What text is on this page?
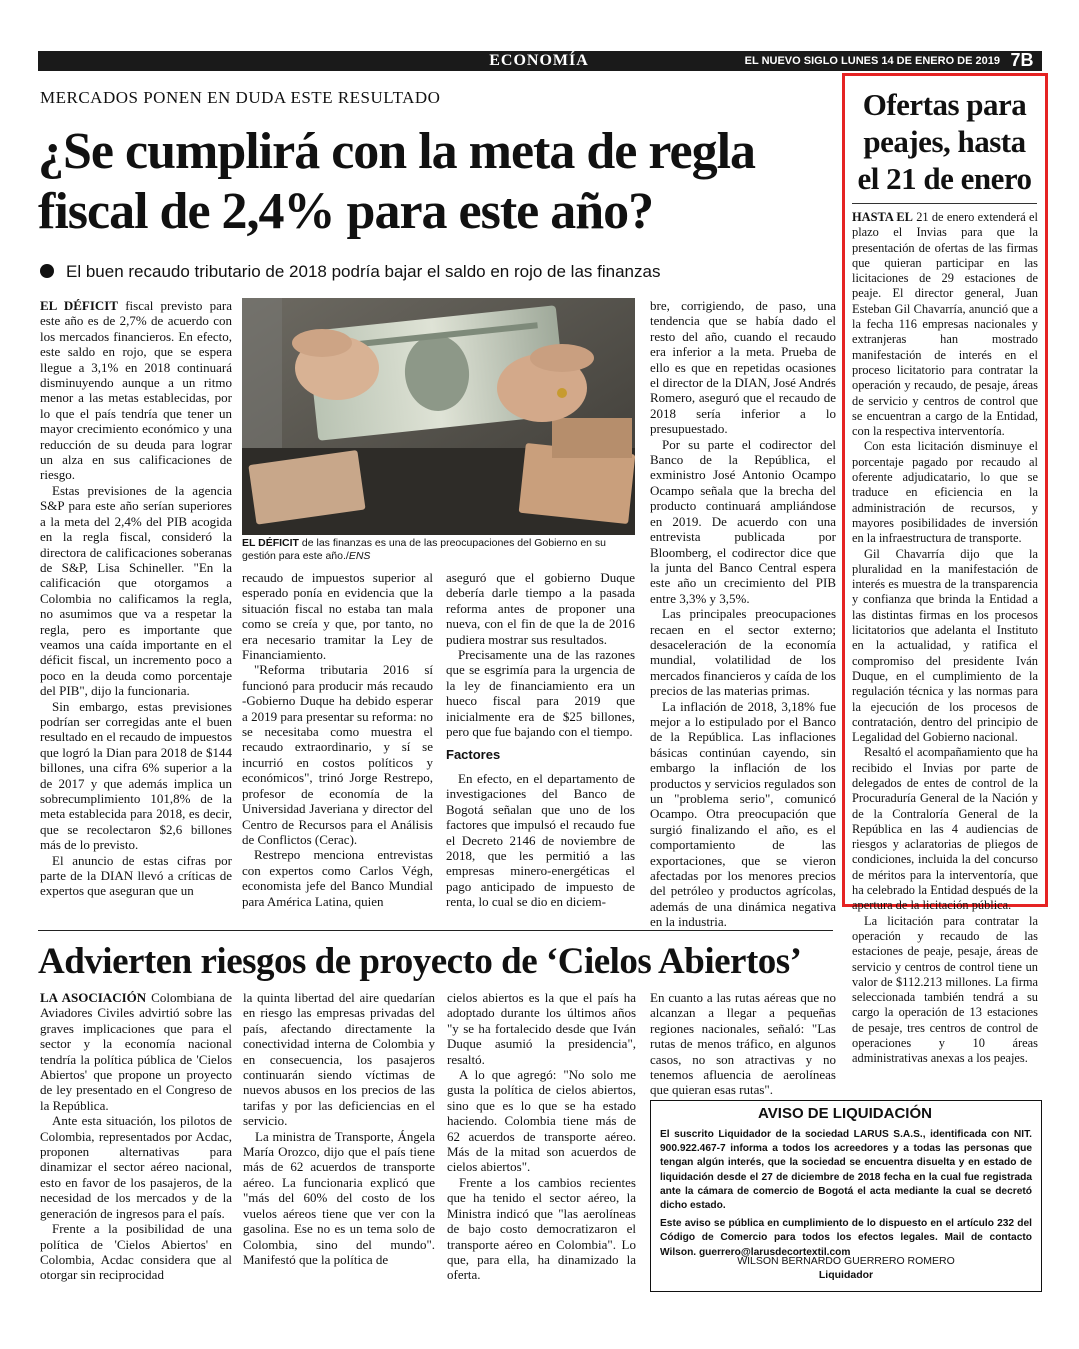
ECONOMÍA	EL NUEVO SIGLO LUNES 14 DE ENERO DE 2019 7B
MERCADOS PONEN EN DUDA ESTE RESULTADO
¿Se cumplirá con la meta de regla fiscal de 2,4% para este año?
El buen recaudo tributario de 2018 podría bajar el saldo en rojo de las finanzas

EL DÉFICIT fiscal previsto para este año es de 2,7% de acuerdo con los mercados financieros. En efecto, este saldo en rojo, que se espera llegue a 3,1% en 2018 continuará disminuyendo aunque a un ritmo menor a las metas establecidas, por lo que el país tendría que tener un mayor crecimiento económico y una reducción de su deuda para lograr un alza en sus calificaciones de riesgo.

Estas previsiones de la agencia S&P para este año serían superiores a la meta del 2,4% del PIB acogida en la regla fiscal, consideró la directora de calificaciones soberanas de S&P, Lisa Schineller. "En la calificación que otorgamos a Colombia no calificamos la regla, no asumimos que va a respetar la regla, pero es importante que veamos una caída importante en el déficit fiscal, un incremento poco a poco en la deuda como porcentaje del PIB", dijo la funcionaria.

Sin embargo, estas previsiones podrían ser corregidas ante el buen resultado en el recaudo de impuestos que logró la Dian para 2018 de $144 billones, una cifra 6% superior a la de 2017 y que además implica un sobrecumplimiento 101,8% de la meta establecida para 2018, es decir, que se recolectaron $2,6 billones más de lo previsto.

El anuncio de estas cifras por parte de la DIAN llevó a críticas de expertos que aseguran que un

EL DÉFICIT de las finanzas es una de las preocupaciones del Gobierno en su gestión para este año./ENS

recaudo de impuestos superior al esperado ponía en evidencia que la situación fiscal no estaba tan mala como se creía y que, por tanto, no era necesario tramitar la Ley de Financiamiento.

"Reforma tributaria 2016 sí funcionó para producir más recaudo -Gobierno Duque ha debido esperar a 2019 para presentar su reforma: no se necesitaba como muestra el recaudo extraordinario, y sí se incurrió en costos políticos y económicos", trinó Jorge Restrepo, profesor de economía de la Universidad Javeriana y director del Centro de Recursos para el Análisis de Conflictos (Cerac).

Restrepo menciona entrevistas con expertos como Carlos Végh, economista jefe del Banco Mundial para América Latina, quien

aseguró que el gobierno Duque debería darle tiempo a la pasada reforma antes de proponer una nueva, con el fin de que la de 2016 pudiera mostrar sus resultados.

Precisamente una de las razones que se esgrimía para la urgencia de la ley de financiamiento era un hueco fiscal para 2019 que inicialmente era de $25 billones, pero que fue bajando con el tiempo.

Factores

En efecto, en el departamento de investigaciones del Banco de Bogotá señalan que uno de los factores que impulsó el recaudo fue el Decreto 2146 de noviembre de 2018, que les permitió a las empresas minero-energéticas el pago anticipado de impuesto de renta, lo cual se dio en diciem-

bre, corrigiendo, de paso, una tendencia que se había dado el resto del año, cuando el recaudo era inferior a la meta. Prueba de ello es que en repetidas ocasiones el director de la DIAN, José Andrés Romero, aseguró que el recaudo de 2018 sería inferior a lo presupuestado.

Por su parte el codirector del Banco de la República, el exministro José Antonio Ocampo Ocampo señala que la brecha del producto continuará ampliándose en 2019. De acuerdo con una entrevista publicada por Bloomberg, el codirector dice que la junta del Banco Central espera este año un crecimiento del PIB entre 3,3% y 3,5%.

Las principales preocupaciones recaen en el sector externo; desaceleración de la economía mundial, volatilidad de los mercados financieros y caída de los precios de las materias primas.

La inflación de 2018, 3,18% fue mejor a lo estipulado por el Banco de la República. Las inflaciones básicas continúan cayendo, sin embargo la inflación de los productos y servicios regulados son un "problema serio", comunicó Ocampo. Otra preocupación que surgió finalizando el año, es el comportamiento de las exportaciones, que se vieron afectadas por los menores precios del petróleo y productos agrícolas, además de una dinámica negativa en la industria.

Ofertas para peajes, hasta el 21 de enero

HASTA EL 21 de enero extenderá el plazo el Invias para que la presentación de ofertas de las firmas que quieran participar en las licitaciones de 29 estaciones de peaje. El director general, Juan Esteban Gil Chavarría, anunció que a la fecha 116 empresas nacionales y extranjeras han mostrado manifestación de interés en el proceso licitatorio para contratar la operación y recaudo, de pesaje, áreas de servicio y centros de control que se encuentran a cargo de la Entidad, con la respectiva interventoría.

Con esta licitación disminuye el porcentaje pagado por recaudo al oferente adjudicatario, lo que se traduce en eficiencia en la administración de recursos, y mayores posibilidades de inversión en la infraestructura de transporte.

Gil Chavarría dijo que la pluralidad en la manifestación de interés es muestra de la transparencia y confianza que brinda la Entidad a las distintas firmas en los procesos licitatorios que adelanta el Instituto en la actualidad, y ratifica el compromiso del presidente Iván Duque, en el cumplimiento de la regulación técnica y las normas para la ejecución de los procesos de contratación, dentro del principio de Legalidad del Gobierno nacional.

Resaltó el acompañamiento que ha recibido el Invias por parte de delegados de entes de control de la Procuraduría General de la Nación y de la Contraloría General de la República en las 4 audiencias de riesgos y aclaratorias de pliegos de condiciones, incluida la del concurso de méritos para la interventoría, que ha celebrado la Entidad después de la apertura de la licitación pública.

La licitación para contratar la operación y recaudo de las estaciones de peaje, pesaje, áreas de servicio y centros de control tiene un valor de $112.213 millones. La firma seleccionada también tendrá a su cargo la operación de 13 estaciones de pesaje, tres centros de control de operaciones y 10 áreas administrativas anexas a los peajes.

Advierten riesgos de proyecto de ‘Cielos Abiertos’

LA ASOCIACIÓN Colombiana de Aviadores Civiles advirtió sobre las graves implicaciones que para el sector y la economía nacional tendría la política pública de 'Cielos Abiertos' que propone un proyecto de ley presentado en el Congreso de la República.

Ante esta situación, los pilotos de Colombia, representados por Acdac, proponen alternativas para dinamizar el sector aéreo nacional, esto en favor de los pasajeros, de la necesidad de los mercados y de la generación de ingresos para el país.

Frente a la posibilidad de una política de 'Cielos Abiertos' en Colombia, Acdac considera que al otorgar sin reciprocidad

la quinta libertad del aire quedarían en riesgo las empresas privadas del país, afectando directamente la conectividad interna de Colombia y en consecuencia, los pasajeros continuarán siendo víctimas de nuevos abusos en los precios de las tarifas y por las deficiencias en el servicio.

La ministra de Transporte, Ángela María Orozco, dijo que el país tiene más de 62 acuerdos de transporte aéreo. La funcionaria explicó que "más del 60% del costo de los vuelos aéreos tiene que ver con la gasolina. Ese no es un tema solo de Colombia, sino del mundo". Manifestó que la política de

cielos abiertos es la que el país ha adoptado durante los últimos años "y se ha fortalecido desde que Iván Duque asumió la presidencia", resaltó.

A lo que agregó: "No solo me gusta la política de cielos abiertos, sino que es lo que se ha estado haciendo. Colombia tiene más de 62 acuerdos de transporte aéreo. Más de la mitad son acuerdos de cielos abiertos".

Frente a los cambios recientes que ha tenido el sector aéreo, la Ministra indicó que "las aerolíneas de bajo costo democratizaron el transporte aéreo en Colombia". Lo que, para ella, ha dinamizado la oferta.

En cuanto a las rutas aéreas que no alcanzan a llegar a pequeñas regiones nacionales, señaló: "Las rutas de menos tráfico, en algunos casos, no son atractivas y no tenemos afluencia de aerolíneas que quieran esas rutas".

AVISO DE LIQUIDACIÓN

El suscrito Liquidador de la sociedad LARUS S.A.S., identificada con NIT. 900.922.467-7 informa a todos los acreedores y a todas las personas que tengan algún interés, que la sociedad se encuentra disuelta y en estado de liquidación desde el 27 de diciembre de 2018 fecha en la cual fue registrada ante la cámara de comercio de Bogotá el acta mediante la cual se decretó dicho estado.

Este aviso se pública en cumplimiento de lo dispuesto en el artículo 232 del Código de Comercio para todos los efectos legales. Mail de contacto Wilson. guerrero@larusdecortextil.com

WILSON BERNARDO GUERRERO ROMERO
Liquidador
